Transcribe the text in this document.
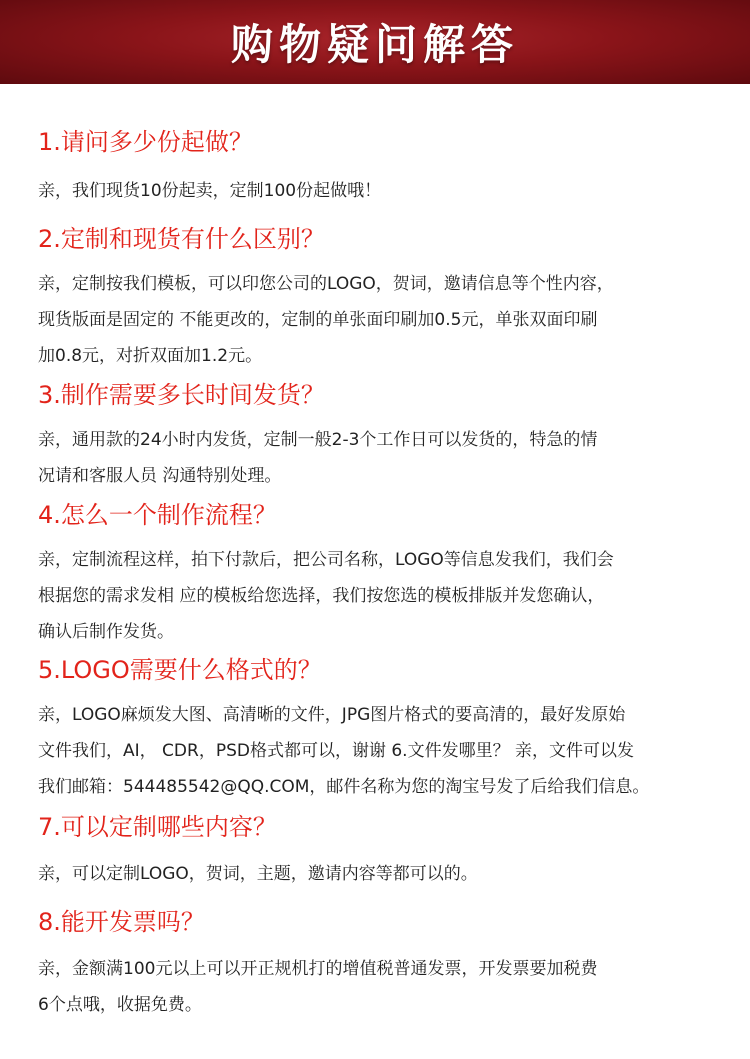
购物疑问解答

1.请问多少份起做？

亲，我们现货10份起卖，定制100份起做哦！

2.定制和现货有什么区别？

亲，定制按我们模板，可以印您公司的LOGO，贺词，邀请信息等个性内容，
现货版面是固定的 不能更改的，定制的单张面印刷加0.5元，单张双面印刷
加0.8元，对折双面加1.2元。

3.制作需要多长时间发货？

亲，通用款的24小时内发货，定制一般2-3个工作日可以发货的，特急的情
况请和客服人员 沟通特别处理。

4.怎么一个制作流程？

亲，定制流程这样，拍下付款后，把公司名称，LOGO等信息发我们，我们会
根据您的需求发相 应的模板给您选择，我们按您选的模板排版并发您确认，
确认后制作发货。

5.LOGO需要什么格式的？

亲，LOGO麻烦发大图、高清晰的文件，JPG图片格式的要高清的，最好发原始
文件我们，AI， CDR，PSD格式都可以，谢谢 6.文件发哪里？ 亲，文件可以发
我们邮箱：544485542@QQ.COM，邮件名称为您的淘宝号发了后给我们信息。

7.可以定制哪些内容？

亲，可以定制LOGO，贺词，主题，邀请内容等都可以的。

8.能开发票吗？

亲，金额满100元以上可以开正规机打的增值税普通发票，开发票要加税费
6个点哦，收据免费。
